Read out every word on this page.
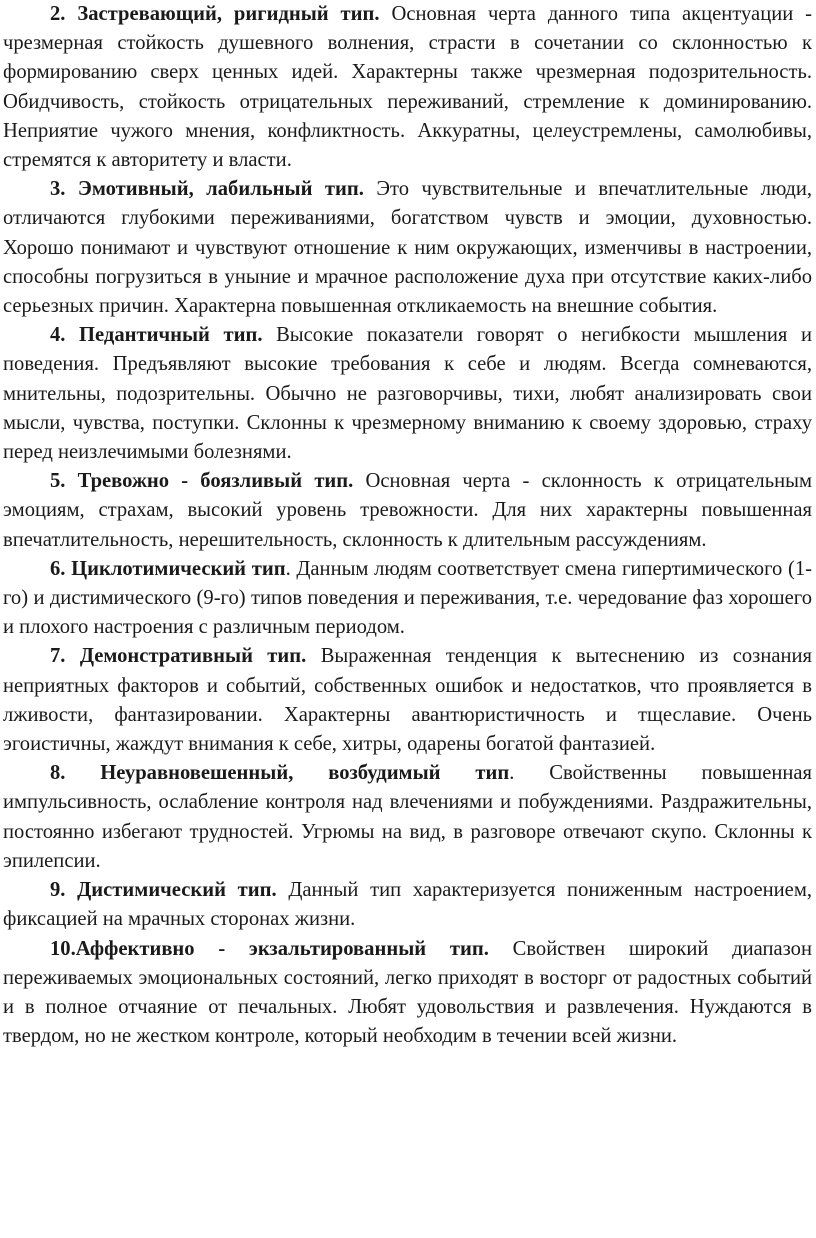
2. Застревающий, ригидный тип. Основная черта данного типа акцентуации - чрезмерная стойкость душевного волнения, страсти в сочетании со склонностью к формированию сверх ценных идей. Характерны также чрезмерная подозрительность. Обидчивость, стойкость отрицательных переживаний, стремление к доминированию. Неприятие чужого мнения, конфликтность. Аккуратны, целеустремлены, самолюбивы, стремятся к авторитету и власти.

3. Эмотивный, лабильный тип. Это чувствительные и впечатлительные люди, отличаются глубокими переживаниями, богатством чувств и эмоции, духовностью. Хорошо понимают и чувствуют отношение к ним окружающих, изменчивы в настроении, способны погрузиться в уныние и мрачное расположение духа при отсутствие каких-либо серьезных причин. Характерна повышенная откликаемость на внешние события.

4. Педантичный тип. Высокие показатели говорят о негибкости мышления и поведения. Предъявляют высокие требования к себе и людям. Всегда сомневаются, мнительны, подозрительны. Обычно не разговорчивы, тихи, любят анализировать свои мысли, чувства, поступки. Склонны к чрезмерному вниманию к своему здоровью, страху перед неизлечимыми болезнями.

5. Тревожно - боязливый тип. Основная черта - склонность к отрицательным эмоциям, страхам, высокий уровень тревожности. Для них характерны повышенная впечатлительность, нерешительность, склонность к длительным рассуждениям.

6. Циклотимический тип. Данным людям соответствует смена гипертимического (1-го) и дистимического (9-го) типов поведения и переживания, т.е. чередование фаз хорошего и плохого настроения с различным периодом.

7. Демонстративный тип. Выраженная тенденция к вытеснению из сознания неприятных факторов и событий, собственных ошибок и недостатков, что проявляется в лживости, фантазировании. Характерны авантюристичность и тщеславие. Очень эгоистичны, жаждут внимания к себе, хитры, одарены богатой фантазией.

8. Неуравновешенный, возбудимый тип. Свойственны повышенная импульсивность, ослабление контроля над влечениями и побуждениями. Раздражительны, постоянно избегают трудностей. Угрюмы на вид, в разговоре отвечают скупо. Склонны к эпилепсии.

9. Дистимический тип. Данный тип характеризуется пониженным настроением, фиксацией на мрачных сторонах жизни.

10.Аффективно - экзальтированный тип. Свойствен широкий диапазон переживаемых эмоциональных состояний, легко приходят в восторг от радостных событий и в полное отчаяние от печальных. Любят удовольствия и развлечения. Нуждаются в твердом, но не жестком контроле, который необходим в течении всей жизни.
